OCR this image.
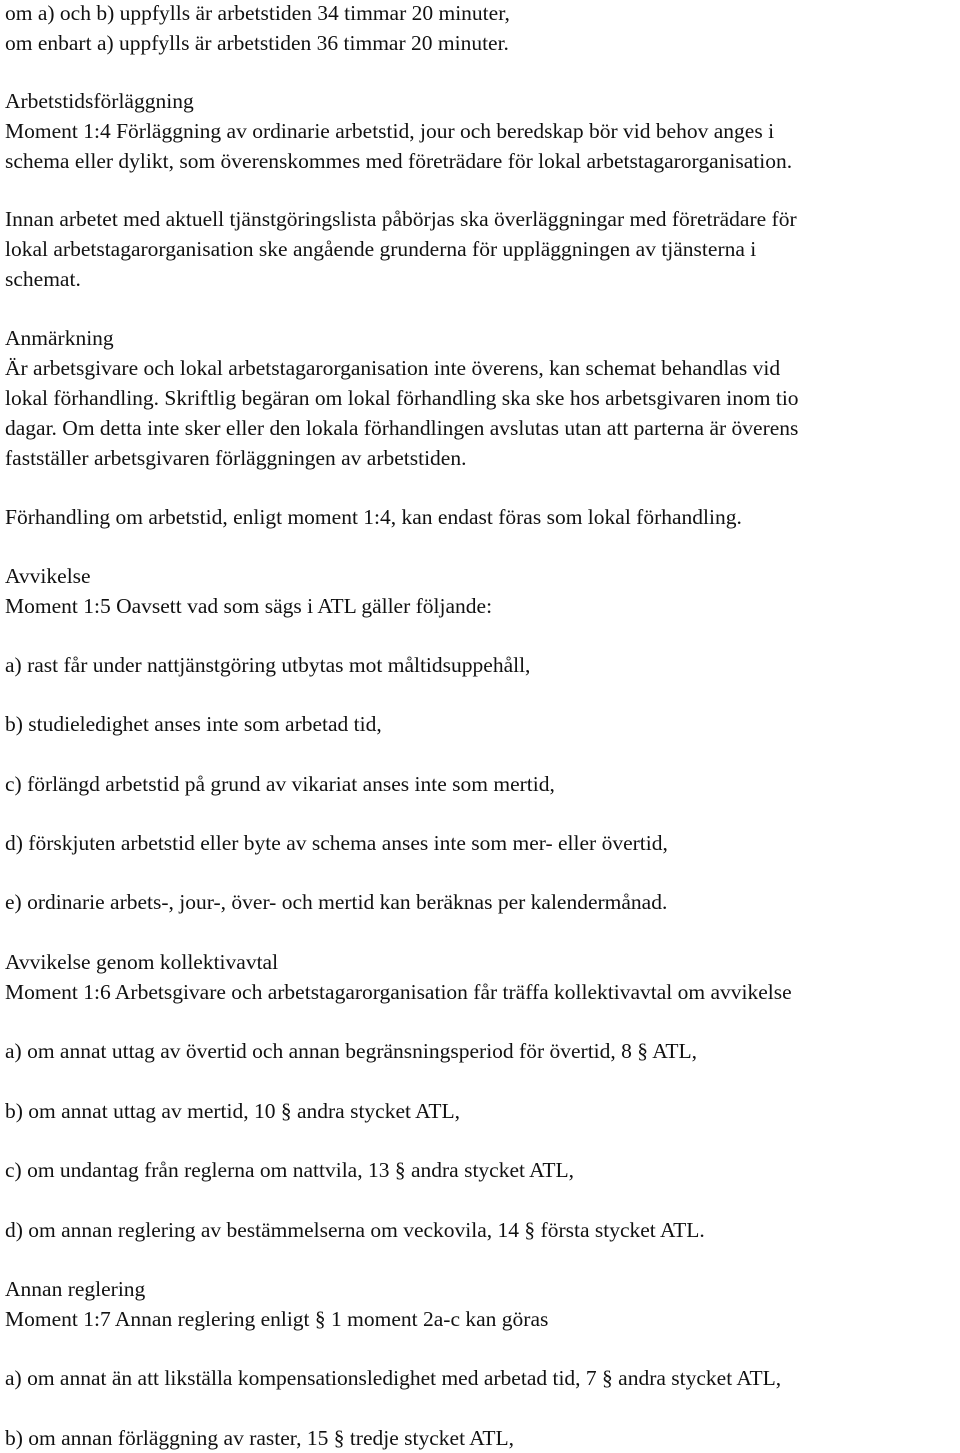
om a) och b) uppfylls är arbetstiden 34 timmar 20 minuter,
om enbart a) uppfylls är arbetstiden 36 timmar 20 minuter.
Arbetstidsförläggning
Moment 1:4 Förläggning av ordinarie arbetstid, jour och beredskap bör vid behov anges i
schema eller dylikt, som överenskommes med företrädare för lokal arbetstagarorganisation.
Innan arbetet med aktuell tjänstgöringslista påbörjas ska överläggningar med företrädare för
lokal arbetstagarorganisation ske angående grunderna för uppläggningen av tjänsterna i
schemat.
Anmärkning
Är arbetsgivare och lokal arbetstagarorganisation inte överens, kan schemat behandlas vid
lokal förhandling. Skriftlig begäran om lokal förhandling ska ske hos arbetsgivaren inom tio
dagar. Om detta inte sker eller den lokala förhandlingen avslutas utan att parterna är överens
fastställer arbetsgivaren förläggningen av arbetstiden.
Förhandling om arbetstid, enligt moment 1:4, kan endast föras som lokal förhandling.
Avvikelse
Moment 1:5 Oavsett vad som sägs i ATL gäller följande:
a) rast får under nattjänstgöring utbytas mot måltidsuppehåll,
b) studieledighet anses inte som arbetad tid,
c) förlängd arbetstid på grund av vikariat anses inte som mertid,
d) förskjuten arbetstid eller byte av schema anses inte som mer- eller övertid,
e) ordinarie arbets-, jour-, över- och mertid kan beräknas per kalendermånad.
Avvikelse genom kollektivavtal
Moment 1:6 Arbetsgivare och arbetstagarorganisation får träffa kollektivavtal om avvikelse
a) om annat uttag av övertid och annan begränsningsperiod för övertid, 8 § ATL,
b) om annat uttag av mertid, 10 § andra stycket ATL,
c) om undantag från reglerna om nattvila, 13 § andra stycket ATL,
d) om annan reglering av bestämmelserna om veckovila, 14 § första stycket ATL.
Annan reglering
Moment 1:7 Annan reglering enligt § 1 moment 2a-c kan göras
a) om annat än att likställa kompensationsledighet med arbetad tid, 7 § andra stycket ATL,
b) om annan förläggning av raster, 15 § tredje stycket ATL,
